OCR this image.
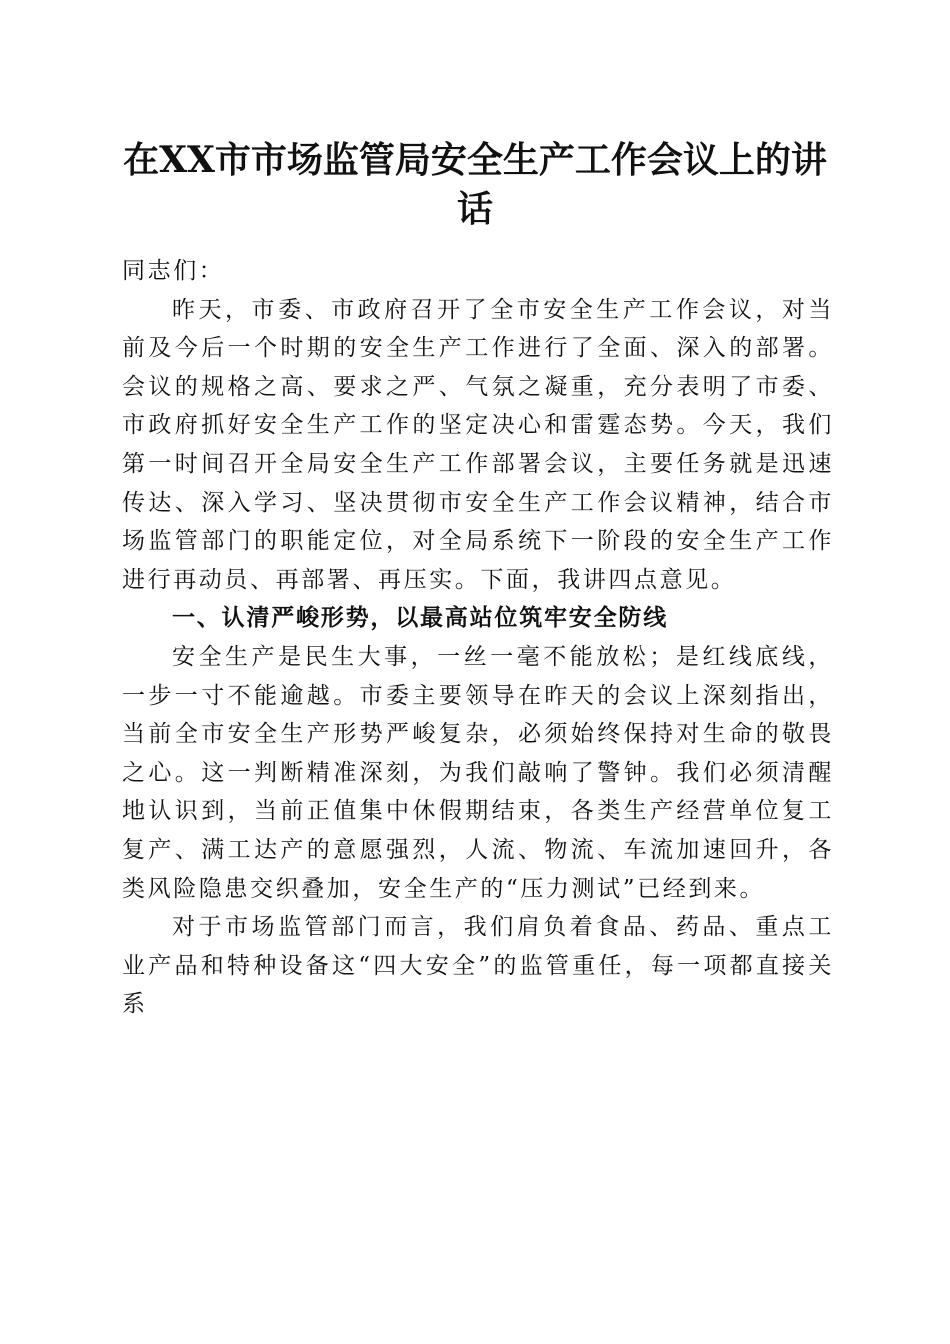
在XX市市场监管局安全生产工作会议上的讲话

同志们：

昨天，市委、市政府召开了全市安全生产工作会议，对当前及今后一个时期的安全生产工作进行了全面、深入的部署。会议的规格之高、要求之严、气氛之凝重，充分表明了市委、市政府抓好安全生产工作的坚定决心和雷霆态势。今天，我们第一时间召开全局安全生产工作部署会议，主要任务就是迅速传达、深入学习、坚决贯彻市安全生产工作会议精神，结合市场监管部门的职能定位，对全局系统下一阶段的安全生产工作进行再动员、再部署、再压实。下面，我讲四点意见。

一、认清严峻形势，以最高站位筑牢安全防线

安全生产是民生大事，一丝一毫不能放松；是红线底线，一步一寸不能逾越。市委主要领导在昨天的会议上深刻指出，当前全市安全生产形势严峻复杂，必须始终保持对生命的敬畏之心。这一判断精准深刻，为我们敲响了警钟。我们必须清醒地认识到，当前正值集中休假期结束，各类生产经营单位复工复产、满工达产的意愿强烈，人流、物流、车流加速回升，各类风险隐患交织叠加，安全生产的“压力测试”已经到来。

对于市场监管部门而言，我们肩负着食品、药品、重点工业产品和特种设备这“四大安全”的监管重任，每一项都直接关系
